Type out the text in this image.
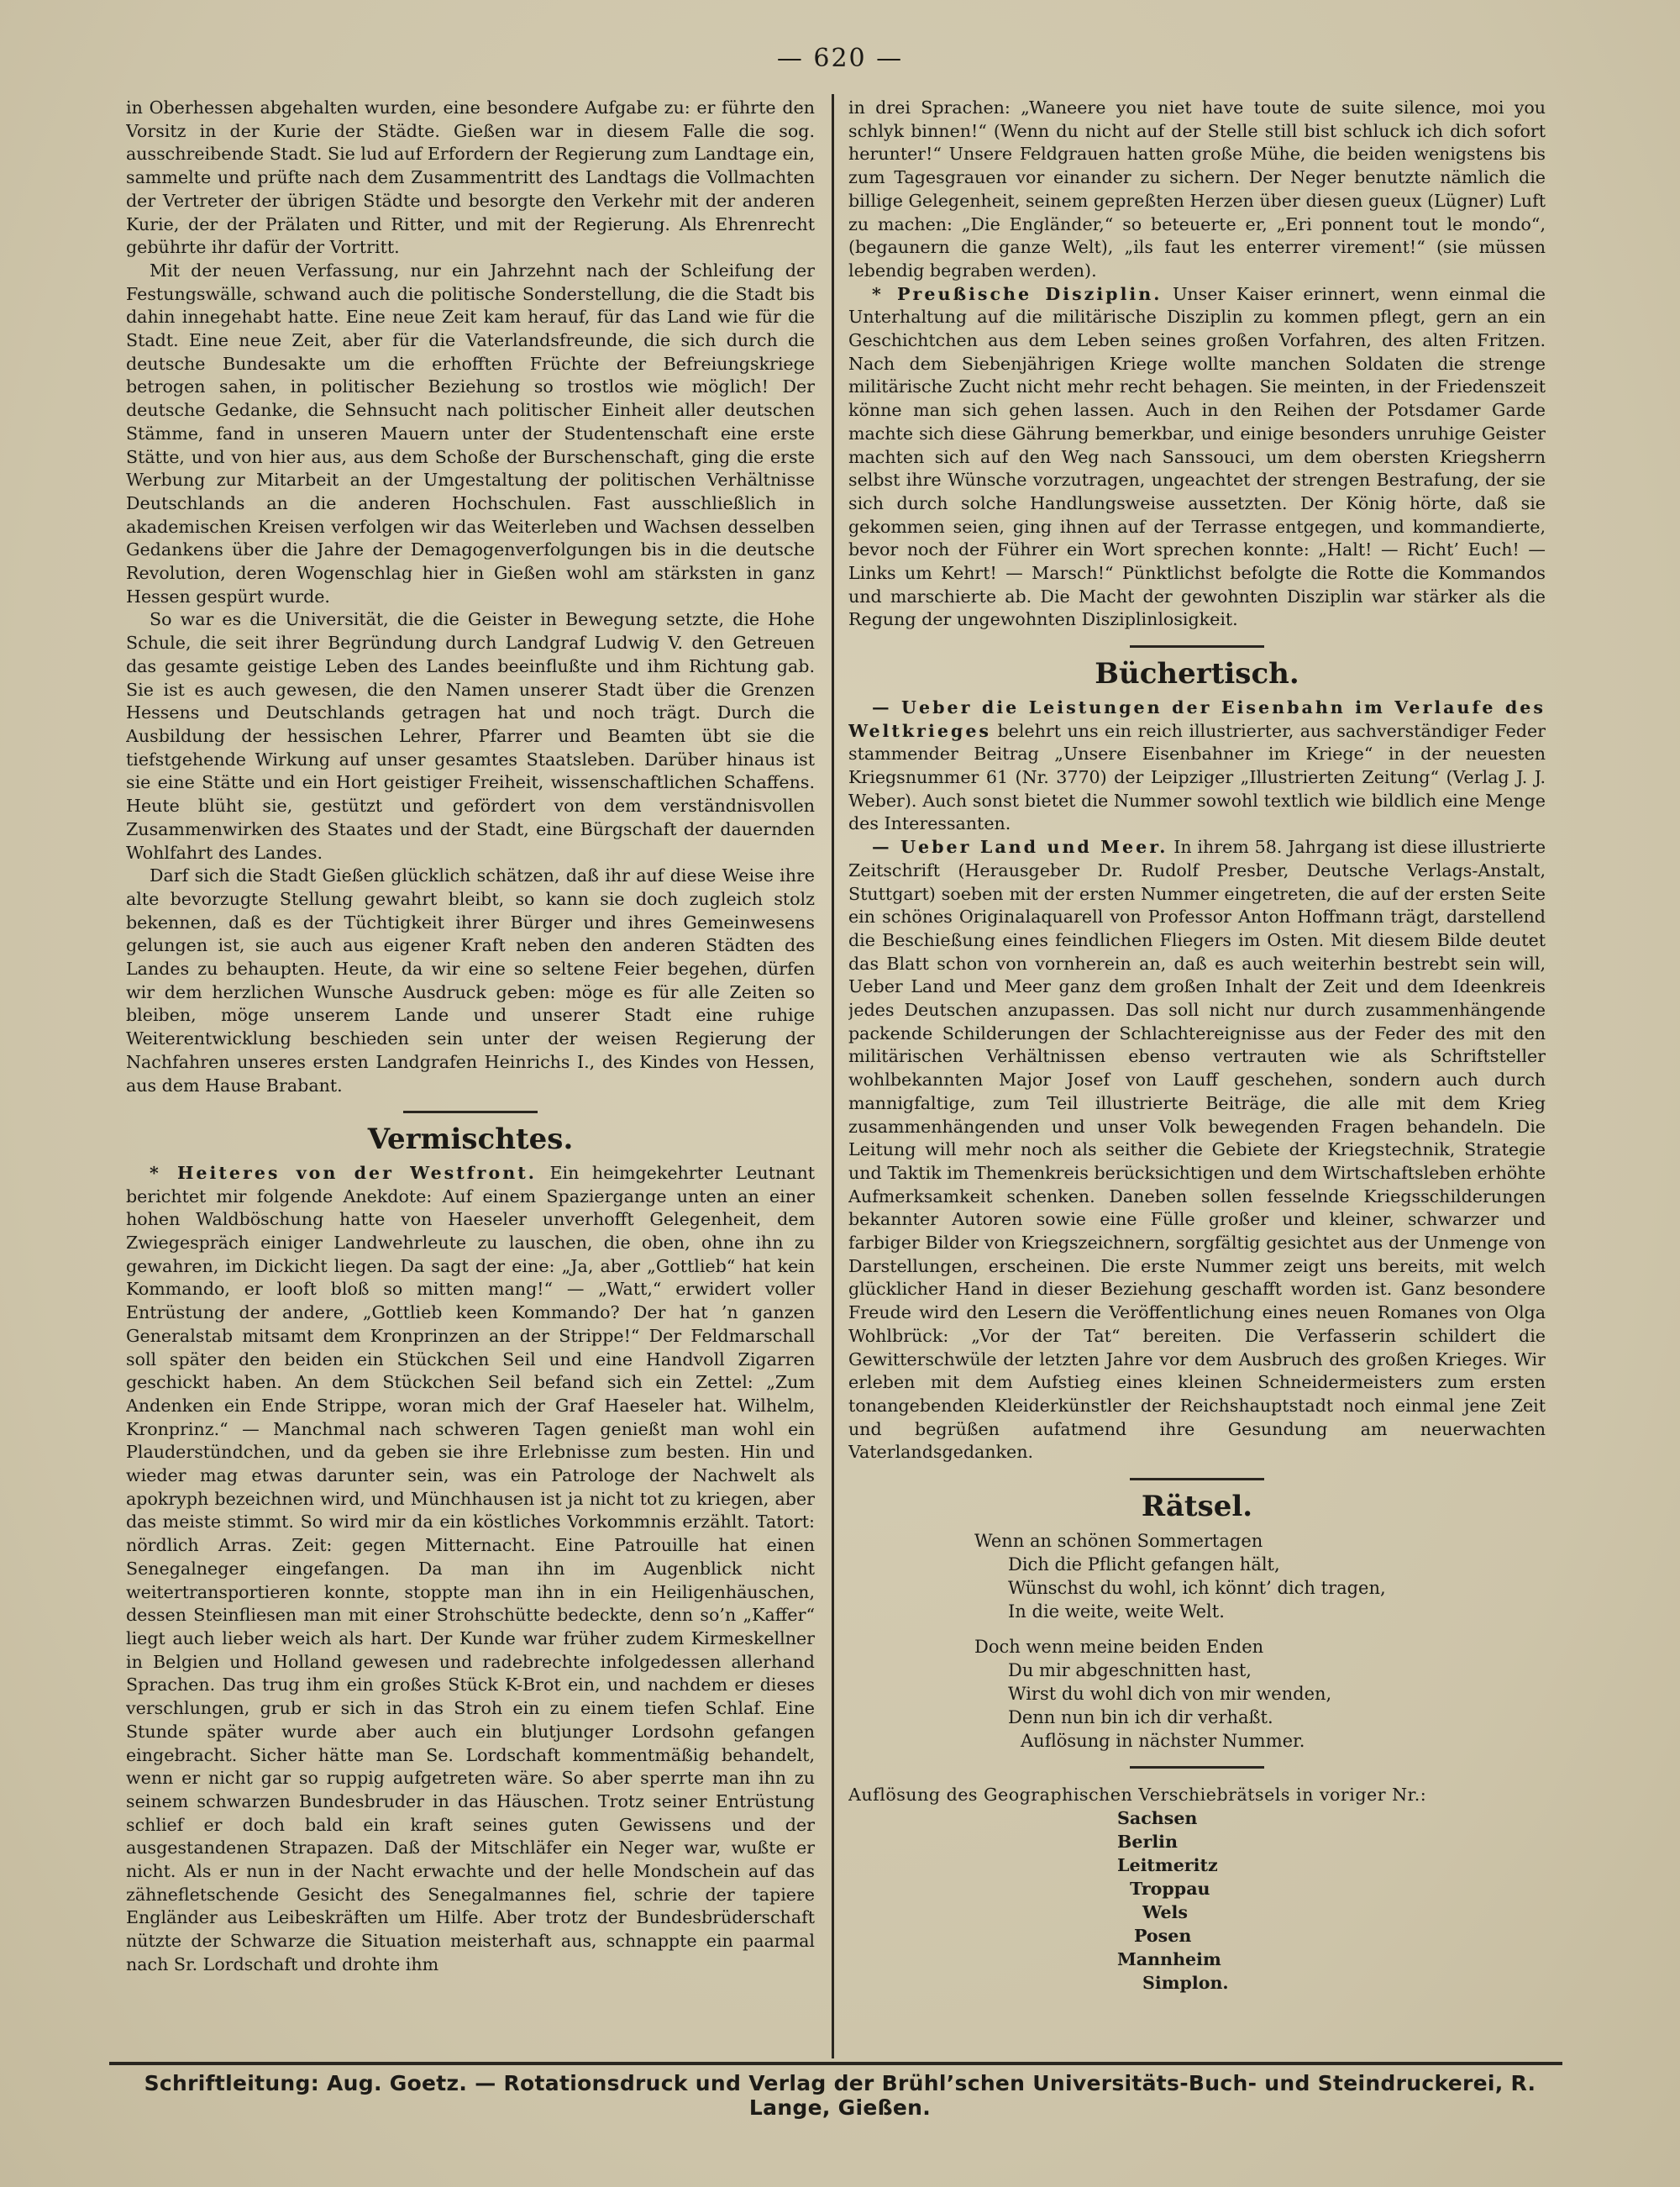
— 620 —

in Oberhessen abgehalten wurden, eine besondere Aufgabe zu: er führte den Vorsitz in der Kurie der Städte. Gießen war in diesem Falle die sog. ausschreibende Stadt. Sie lud auf Erfordern der Regierung zum Landtage ein, sammelte und prüfte nach dem Zusammentritt des Landtags die Vollmachten der Vertreter der übrigen Städte und besorgte den Verkehr mit der anderen Kurie, der der Prälaten und Ritter, und mit der Regierung. Als Ehrenrecht gebührte ihr dafür der Vortritt.

Mit der neuen Verfassung, nur ein Jahrzehnt nach der Schleifung der Festungswälle, schwand auch die politische Sonderstellung, die die Stadt bis dahin innegehabt hatte. Eine neue Zeit kam herauf, für das Land wie für die Stadt. Eine neue Zeit, aber für die Vaterlandsfreunde, die sich durch die deutsche Bundesakte um die erhofften Früchte der Befreiungskriege betrogen sahen, in politischer Beziehung so trostlos wie möglich! Der deutsche Gedanke, die Sehnsucht nach politischer Einheit aller deutschen Stämme, fand in unseren Mauern unter der Studentenschaft eine erste Stätte, und von hier aus, aus dem Schoße der Burschenschaft, ging die erste Werbung zur Mitarbeit an der Umgestaltung der politischen Verhältnisse Deutschlands an die anderen Hochschulen. Fast ausschließlich in akademischen Kreisen verfolgen wir das Weiterleben und Wachsen desselben Gedankens über die Jahre der Demagogenverfolgungen bis in die deutsche Revolution, deren Wogenschlag hier in Gießen wohl am stärksten in ganz Hessen gespürt wurde.

So war es die Universität, die die Geister in Bewegung setzte, die Hohe Schule, die seit ihrer Begründung durch Landgraf Ludwig V. den Getreuen das gesamte geistige Leben des Landes beeinflußte und ihm Richtung gab. Sie ist es auch gewesen, die den Namen unserer Stadt über die Grenzen Hessens und Deutschlands getragen hat und noch trägt. Durch die Ausbildung der hessischen Lehrer, Pfarrer und Beamten übt sie die tiefstgehende Wirkung auf unser gesamtes Staatsleben. Darüber hinaus ist sie eine Stätte und ein Hort geistiger Freiheit, wissenschaftlichen Schaffens. Heute blüht sie, gestützt und gefördert von dem verständnisvollen Zusammenwirken des Staates und der Stadt, eine Bürgschaft der dauernden Wohlfahrt des Landes.

Darf sich die Stadt Gießen glücklich schätzen, daß ihr auf diese Weise ihre alte bevorzugte Stellung gewahrt bleibt, so kann sie doch zugleich stolz bekennen, daß es der Tüchtigkeit ihrer Bürger und ihres Gemeinwesens gelungen ist, sie auch aus eigener Kraft neben den anderen Städten des Landes zu behaupten. Heute, da wir eine so seltene Feier begehen, dürfen wir dem herzlichen Wunsche Ausdruck geben: möge es für alle Zeiten so bleiben, möge unserem Lande und unserer Stadt eine ruhige Weiterentwicklung beschieden sein unter der weisen Regierung der Nachfahren unseres ersten Landgrafen Heinrichs I., des Kindes von Hessen, aus dem Hause Brabant.

Vermischtes.

* Heiteres von der Westfront. Ein heimgekehrter Leutnant berichtet mir folgende Anekdote: Auf einem Spaziergange unten an einer hohen Waldböschung hatte von Haeseler unverhofft Gelegenheit, dem Zwiegespräch einiger Landwehrleute zu lauschen, die oben, ohne ihn zu gewahren, im Dickicht liegen. Da sagt der eine: „Ja, aber „Gottlieb“ hat kein Kommando, er looft bloß so mitten mang!“ — „Watt,“ erwidert voller Entrüstung der andere, „Gottlieb keen Kommando? Der hat ’n ganzen Generalstab mitsamt dem Kronprinzen an der Strippe!“ Der Feldmarschall soll später den beiden ein Stückchen Seil und eine Handvoll Zigarren geschickt haben. An dem Stückchen Seil befand sich ein Zettel: „Zum Andenken ein Ende Strippe, woran mich der Graf Haeseler hat. Wilhelm, Kronprinz.“ — Manchmal nach schweren Tagen genießt man wohl ein Plauderstündchen, und da geben sie ihre Erlebnisse zum besten. Hin und wieder mag etwas darunter sein, was ein Patrologe der Nachwelt als apokryph bezeichnen wird, und Münchhausen ist ja nicht tot zu kriegen, aber das meiste stimmt. So wird mir da ein köstliches Vorkommnis erzählt. Tatort: nördlich Arras. Zeit: gegen Mitternacht. Eine Patrouille hat einen Senegalneger eingefangen. Da man ihn im Augenblick nicht weitertransportieren konnte, stoppte man ihn in ein Heiligenhäuschen, dessen Steinfliesen man mit einer Strohschütte bedeckte, denn so’n „Kaffer“ liegt auch lieber weich als hart. Der Kunde war früher zudem Kirmeskellner in Belgien und Holland gewesen und radebrechte infolgedessen allerhand Sprachen. Das trug ihm ein großes Stück K-Brot ein, und nachdem er dieses verschlungen, grub er sich in das Stroh ein zu einem tiefen Schlaf. Eine Stunde später wurde aber auch ein blutjunger Lordsohn gefangen eingebracht. Sicher hätte man Se. Lordschaft kommentmäßig behandelt, wenn er nicht gar so ruppig aufgetreten wäre. So aber sperrte man ihn zu seinem schwarzen Bundesbruder in das Häuschen. Trotz seiner Entrüstung schlief er doch bald ein kraft seines guten Gewissens und der ausgestandenen Strapazen. Daß der Mitschläfer ein Neger war, wußte er nicht. Als er nun in der Nacht erwachte und der helle Mondschein auf das zähnefletschende Gesicht des Senegalmannes fiel, schrie der tapiere Engländer aus Leibeskräften um Hilfe. Aber trotz der Bundesbrüderschaft nützte der Schwarze die Situation meisterhaft aus, schnappte ein paarmal nach Sr. Lordschaft und drohte ihm

in drei Sprachen: „Waneere you niet have toute de suite silence, moi you schlyk binnen!“ (Wenn du nicht auf der Stelle still bist schluck ich dich sofort herunter!“ Unsere Feldgrauen hatten große Mühe, die beiden wenigstens bis zum Tagesgrauen vor einander zu sichern. Der Neger benutzte nämlich die billige Gelegenheit, seinem gepreßten Herzen über diesen gueux (Lügner) Luft zu machen: „Die Engländer,“ so beteuerte er, „Eri ponnent tout le mondo“, (begaunern die ganze Welt), „ils faut les enterrer virement!“ (sie müssen lebendig begraben werden).

* Preußische Disziplin. Unser Kaiser erinnert, wenn einmal die Unterhaltung auf die militärische Disziplin zu kommen pflegt, gern an ein Geschichtchen aus dem Leben seines großen Vorfahren, des alten Fritzen. Nach dem Siebenjährigen Kriege wollte manchen Soldaten die strenge militärische Zucht nicht mehr recht behagen. Sie meinten, in der Friedenszeit könne man sich gehen lassen. Auch in den Reihen der Potsdamer Garde machte sich diese Gährung bemerkbar, und einige besonders unruhige Geister machten sich auf den Weg nach Sanssouci, um dem obersten Kriegsherrn selbst ihre Wünsche vorzutragen, ungeachtet der strengen Bestrafung, der sie sich durch solche Handlungsweise aussetzten. Der König hörte, daß sie gekommen seien, ging ihnen auf der Terrasse entgegen, und kommandierte, bevor noch der Führer ein Wort sprechen konnte: „Halt! — Richt’ Euch! — Links um Kehrt! — Marsch!“ Pünktlichst befolgte die Rotte die Kommandos und marschierte ab. Die Macht der gewohnten Disziplin war stärker als die Regung der ungewohnten Disziplinlosigkeit.

Büchertisch.

— Ueber die Leistungen der Eisenbahn im Verlaufe des Weltkrieges belehrt uns ein reich illustrierter, aus sachverständiger Feder stammender Beitrag „Unsere Eisenbahner im Kriege“ in der neuesten Kriegsnummer 61 (Nr. 3770) der Leipziger „Illustrierten Zeitung“ (Verlag J. J. Weber). Auch sonst bietet die Nummer sowohl textlich wie bildlich eine Menge des Interessanten.

— Ueber Land und Meer. In ihrem 58. Jahrgang ist diese illustrierte Zeitschrift (Herausgeber Dr. Rudolf Presber, Deutsche Verlags-Anstalt, Stuttgart) soeben mit der ersten Nummer eingetreten, die auf der ersten Seite ein schönes Originalaquarell von Professor Anton Hoffmann trägt, darstellend die Beschießung eines feindlichen Fliegers im Osten. Mit diesem Bilde deutet das Blatt schon von vornherein an, daß es auch weiterhin bestrebt sein will, Ueber Land und Meer ganz dem großen Inhalt der Zeit und dem Ideenkreis jedes Deutschen anzupassen. Das soll nicht nur durch zusammenhängende packende Schilderungen der Schlachtereignisse aus der Feder des mit den militärischen Verhältnissen ebenso vertrauten wie als Schriftsteller wohlbekannten Major Josef von Lauff geschehen, sondern auch durch mannigfaltige, zum Teil illustrierte Beiträge, die alle mit dem Krieg zusammenhängenden und unser Volk bewegenden Fragen behandeln. Die Leitung will mehr noch als seither die Gebiete der Kriegstechnik, Strategie und Taktik im Themenkreis berücksichtigen und dem Wirtschaftsleben erhöhte Aufmerksamkeit schenken. Daneben sollen fesselnde Kriegsschilderungen bekannter Autoren sowie eine Fülle großer und kleiner, schwarzer und farbiger Bilder von Kriegszeichnern, sorgfältig gesichtet aus der Unmenge von Darstellungen, erscheinen. Die erste Nummer zeigt uns bereits, mit welch glücklicher Hand in dieser Beziehung geschafft worden ist. Ganz besondere Freude wird den Lesern die Veröffentlichung eines neuen Romanes von Olga Wohlbrück: „Vor der Tat“ bereiten. Die Verfasserin schildert die Gewitterschwüle der letzten Jahre vor dem Ausbruch des großen Krieges. Wir erleben mit dem Aufstieg eines kleinen Schneidermeisters zum ersten tonangebenden Kleiderkünstler der Reichshauptstadt noch einmal jene Zeit und begrüßen aufatmend ihre Gesundung am neuerwachten Vaterlandsgedanken.

Rätsel.
Wenn an schönen Sommertagen
Dich die Pflicht gefangen hält,
Wünschst du wohl, ich könnt’ dich tragen,
In die weite, weite Welt.
Doch wenn meine beiden Enden
Du mir abgeschnitten hast,
Wirst du wohl dich von mir wenden,
Denn nun bin ich dir verhaßt.
Auflösung in nächster Nummer.

Auflösung des Geographischen Verschiebrätsels in voriger Nr.:

Sachsen
Berlin
Leitmeritz
Troppau
Wels
Posen
Mannheim
Simplon.
Schriftleitung: Aug. Goetz. — Rotationsdruck und Verlag der Brühl’schen Universitäts-Buch- und Steindruckerei, R. Lange, Gießen.
